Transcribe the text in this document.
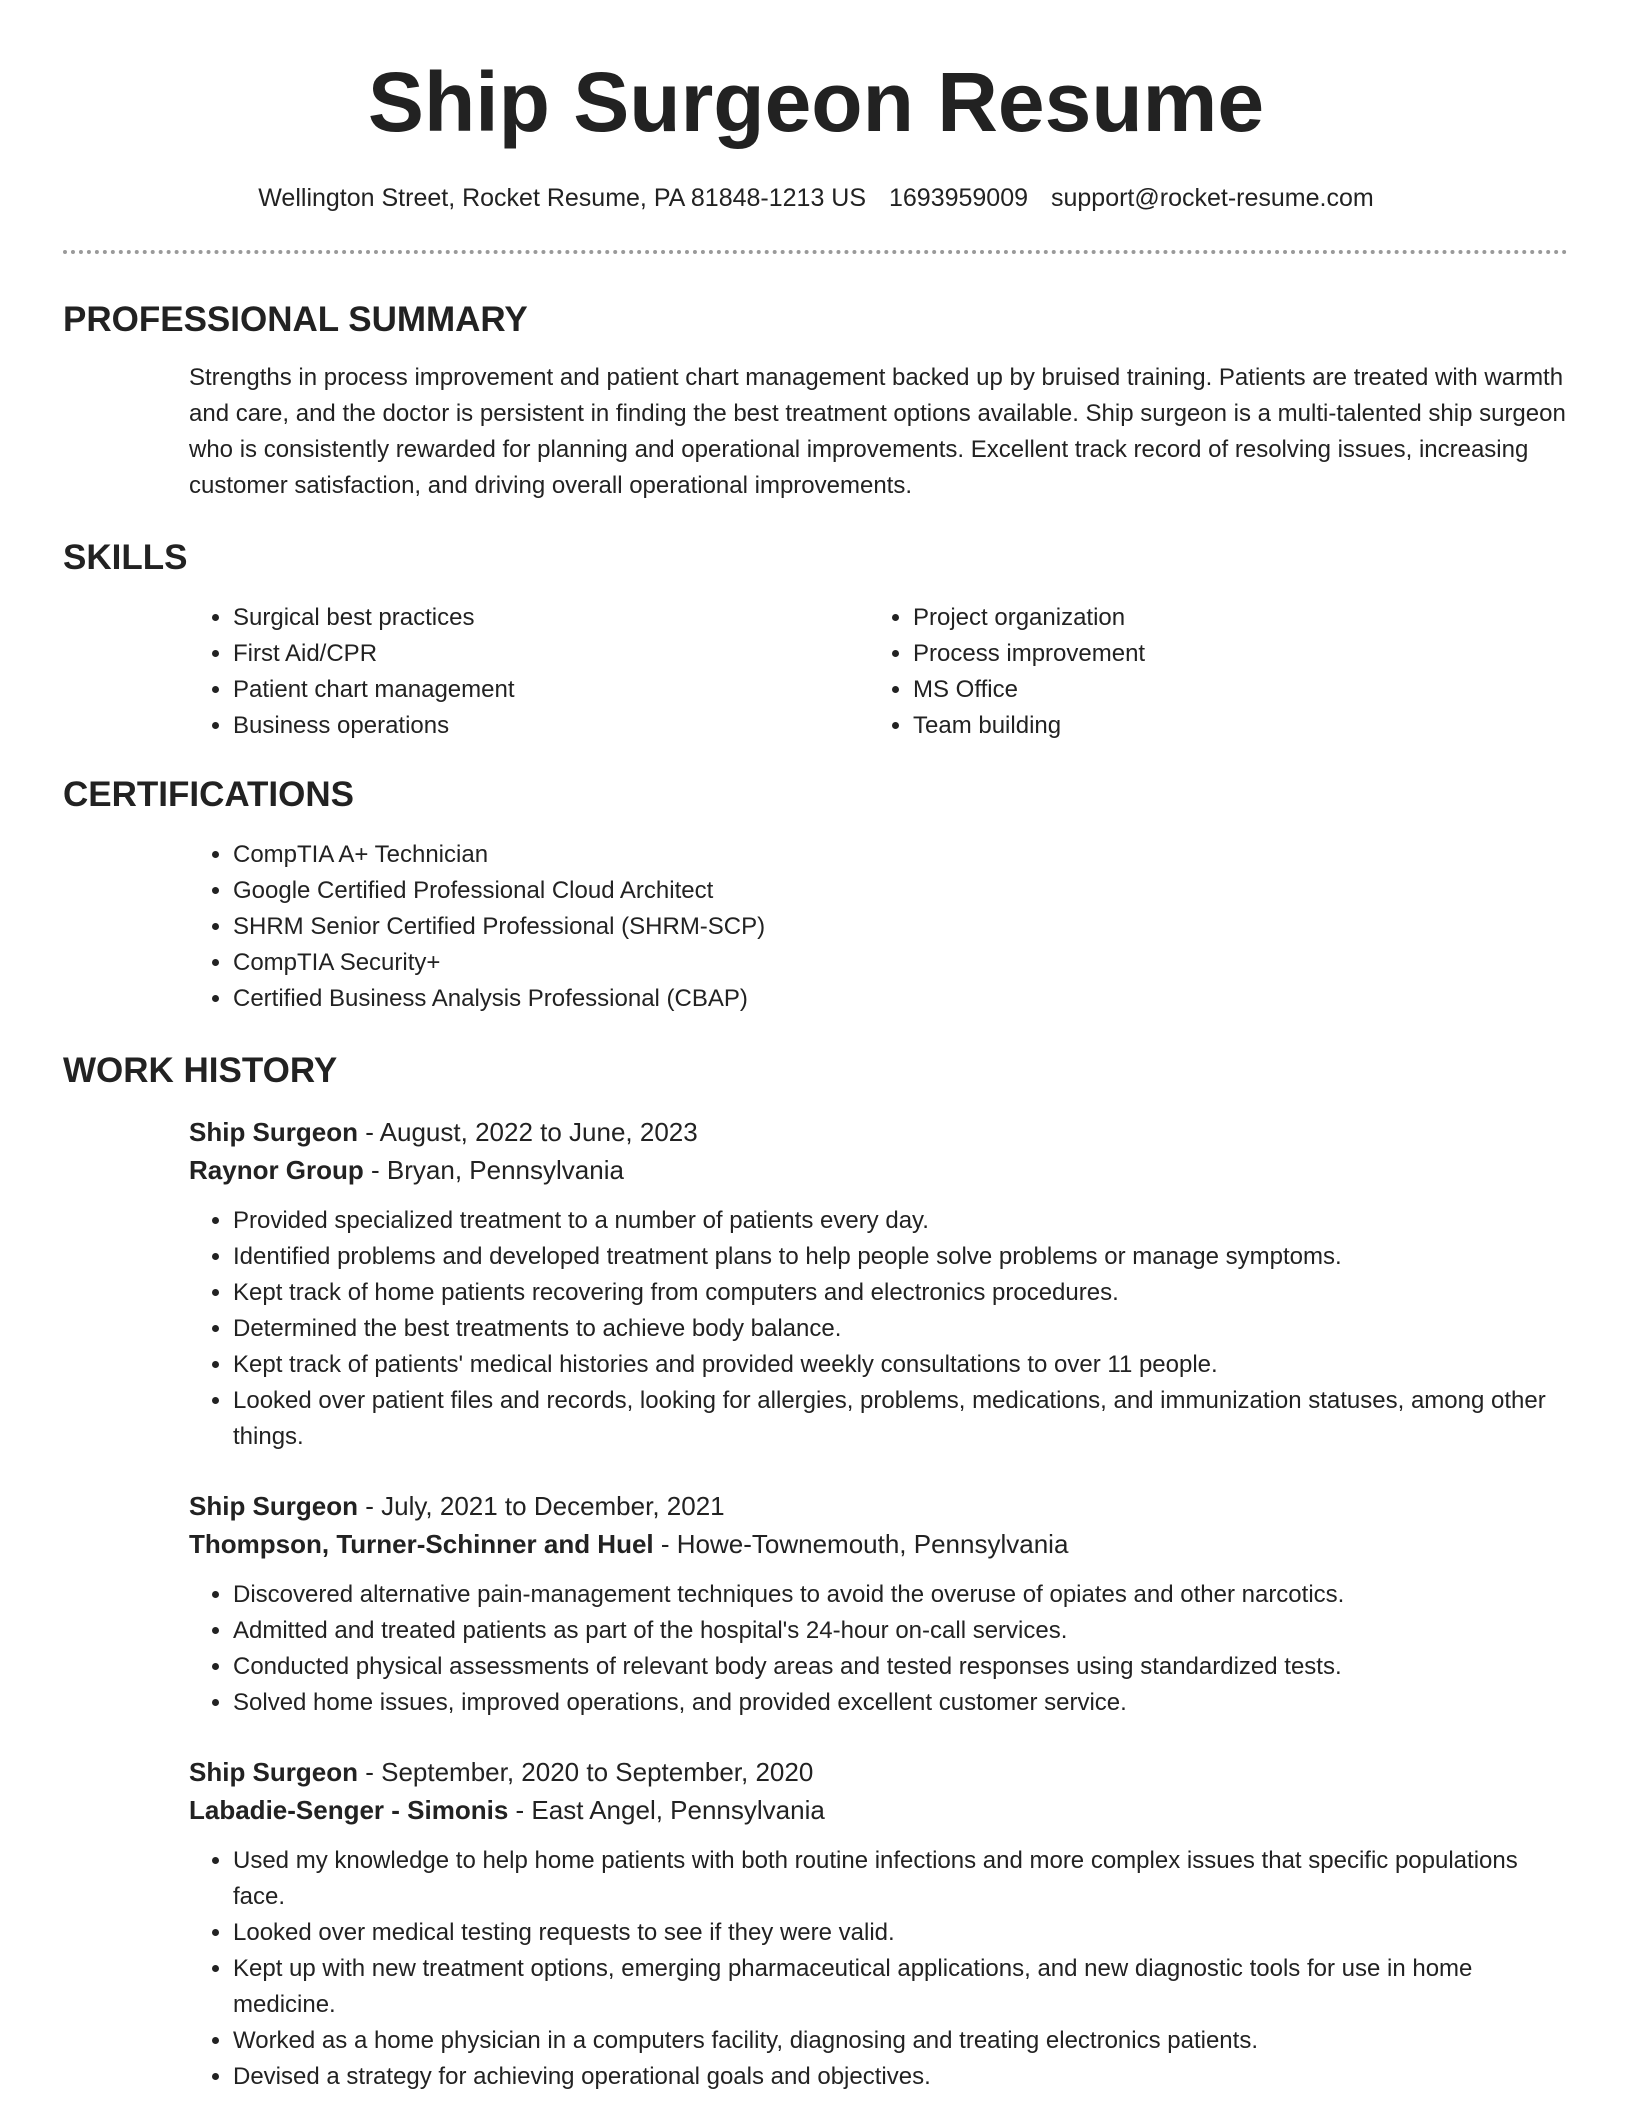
Ship Surgeon Resume
Wellington Street, Rocket Resume, PA 81848-1213 US 1693959009 support@rocket-resume.com
PROFESSIONAL SUMMARY

Strengths in process improvement and patient chart management backed up by bruised training. Patients are treated with warmth and care, and the doctor is persistent in finding the best treatment options available. Ship surgeon is a multi-talented ship surgeon who is consistently rewarded for planning and operational improvements. Excellent track record of resolving issues, increasing customer satisfaction, and driving overall operational improvements.

SKILLS
• Surgical best practices
• First Aid/CPR
• Patient chart management
• Business operations
• Project organization
• Process improvement
• MS Office
• Team building
CERTIFICATIONS
• CompTIA A+ Technician
• Google Certified Professional Cloud Architect
• SHRM Senior Certified Professional (SHRM-SCP)
• CompTIA Security+
• Certified Business Analysis Professional (CBAP)
WORK HISTORY
Ship Surgeon - August, 2022 to June, 2023
Raynor Group - Bryan, Pennsylvania
• Provided specialized treatment to a number of patients every day.
• Identified problems and developed treatment plans to help people solve problems or manage symptoms.
• Kept track of home patients recovering from computers and electronics procedures.
• Determined the best treatments to achieve body balance.
• Kept track of patients' medical histories and provided weekly consultations to over 11 people.
• Looked over patient files and records, looking for allergies, problems, medications, and immunization statuses, among other things.
Ship Surgeon - July, 2021 to December, 2021
Thompson, Turner-Schinner and Huel - Howe-Townemouth, Pennsylvania
• Discovered alternative pain-management techniques to avoid the overuse of opiates and other narcotics.
• Admitted and treated patients as part of the hospital's 24-hour on-call services.
• Conducted physical assessments of relevant body areas and tested responses using standardized tests.
• Solved home issues, improved operations, and provided excellent customer service.
Ship Surgeon - September, 2020 to September, 2020
Labadie-Senger - Simonis - East Angel, Pennsylvania
• Used my knowledge to help home patients with both routine infections and more complex issues that specific populations face.
• Looked over medical testing requests to see if they were valid.
• Kept up with new treatment options, emerging pharmaceutical applications, and new diagnostic tools for use in home medicine.
• Worked as a home physician in a computers facility, diagnosing and treating electronics patients.
• Devised a strategy for achieving operational goals and objectives.
